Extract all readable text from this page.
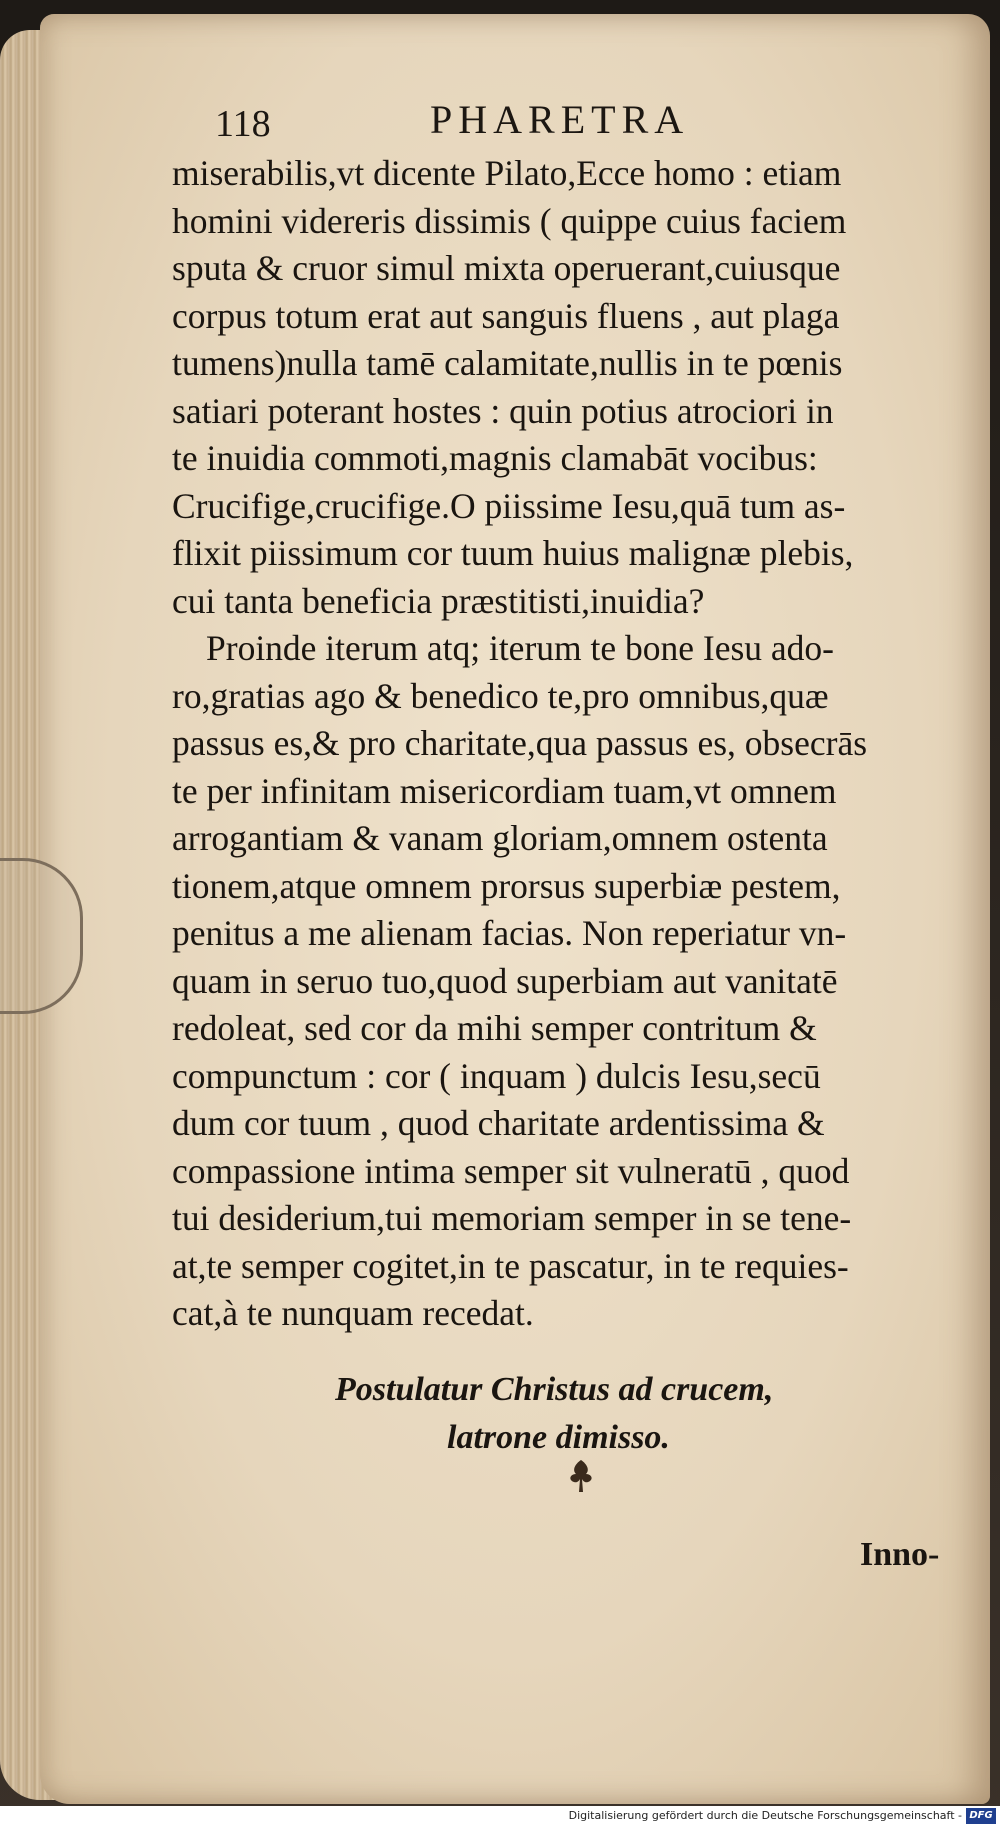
118	PHARETRA
miserabilis,vt dicente Pilato,Ecce homo : etiam
homini videreris dissimis ( quippe cuius faciem
sputa & cruor simul mixta operuerant,cuiusque
corpus totum erat aut sanguis fluens , aut plaga
tumens)nulla tamē calamitate,nullis in te pœnis
satiari poterant hostes : quin potius atrociori in
te inuidia commoti,magnis clamabāt vocibus:
Crucifige,crucifige.O piissime Iesu,quā tum as-
flixit piissimum cor tuum huius malignæ plebis,
cui tanta beneficia præstitisti,inuidia?
Proinde iterum atq; iterum te bone Iesu ado-
ro,gratias ago & benedico te,pro omnibus,quæ
passus es,& pro charitate,qua passus es, obsecrās
te per infinitam misericordiam tuam,vt omnem
arrogantiam & vanam gloriam,omnem ostenta
tionem,atque omnem prorsus superbiæ pestem,
penitus a me alienam facias. Non reperiatur vn-
quam in seruo tuo,quod superbiam aut vanitatē
redoleat, sed cor da mihi semper contritum &
compunctum : cor ( inquam ) dulcis Iesu,secū
dum cor tuum , quod charitate ardentissima &
compassione intima semper sit vulneratū , quod
tui desiderium,tui memoriam semper in se tene-
at,te semper cogitet,in te pascatur, in te requies-
cat,à te nunquam recedat.
Postulatur Christus ad crucem,
latrone dimisso.
Inno-
Digitalisierung gefördert durch die Deutsche Forschungsgemeinschaft - DFG
